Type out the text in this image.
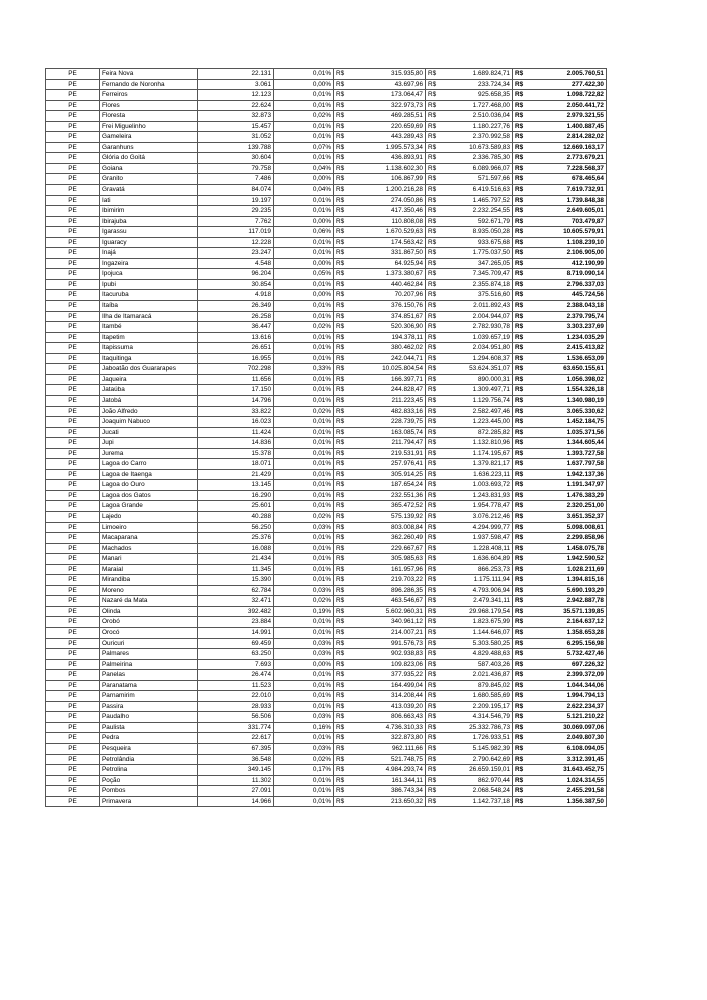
PE	Feira Nova	22.131	0,01%	R$	315.935,80	R$	1.689.824,71	R$	2.005.760,51
PE	Fernando de Noronha	3.061	0,00%	R$	43.697,96	R$	233.724,34	R$	277.422,30
PE	Ferreiros	12.123	0,01%	R$	173.064,47	R$	925.658,35	R$	1.098.722,82
PE	Flores	22.624	0,01%	R$	322.973,73	R$	1.727.468,00	R$	2.050.441,72
PE	Floresta	32.873	0,02%	R$	469.285,51	R$	2.510.036,04	R$	2.979.321,55
PE	Frei Miguelinho	15.457	0,01%	R$	220.659,69	R$	1.180.227,76	R$	1.400.887,45
PE	Gameleira	31.052	0,01%	R$	443.289,43	R$	2.370.992,58	R$	2.814.282,02
PE	Garanhuns	139.788	0,07%	R$	1.995.573,34	R$	10.673.589,83	R$	12.669.163,17
PE	Glória do Goitá	30.604	0,01%	R$	436.893,91	R$	2.336.785,30	R$	2.773.679,21
PE	Goiana	79.758	0,04%	R$	1.138.602,30	R$	6.089.966,07	R$	7.228.568,37
PE	Granito	7.486	0,00%	R$	106.867,99	R$	571.597,66	R$	678.465,64
PE	Gravatá	84.074	0,04%	R$	1.200.216,28	R$	6.419.516,63	R$	7.619.732,91
PE	Iati	19.197	0,01%	R$	274.050,86	R$	1.465.797,52	R$	1.739.848,38
PE	Ibimirim	29.235	0,01%	R$	417.350,46	R$	2.232.254,55	R$	2.649.605,01
PE	Ibirajuba	7.762	0,00%	R$	110.808,08	R$	592.671,79	R$	703.479,87
PE	Igarassu	117.019	0,06%	R$	1.670.529,63	R$	8.935.050,28	R$	10.605.579,91
PE	Iguaracy	12.228	0,01%	R$	174.563,42	R$	933.675,68	R$	1.108.239,10
PE	Inajá	23.247	0,01%	R$	331.867,50	R$	1.775.037,50	R$	2.106.905,00
PE	Ingazeira	4.548	0,00%	R$	64.925,94	R$	347.265,05	R$	412.190,99
PE	Ipojuca	96.204	0,05%	R$	1.373.380,67	R$	7.345.709,47	R$	8.719.090,14
PE	Ipubi	30.854	0,01%	R$	440.462,84	R$	2.355.874,18	R$	2.796.337,03
PE	Itacuruba	4.918	0,00%	R$	70.207,96	R$	375.516,60	R$	445.724,56
PE	Itaíba	26.349	0,01%	R$	376.150,76	R$	2.011.892,43	R$	2.388.043,18
PE	Ilha de Itamaracá	26.258	0,01%	R$	374.851,67	R$	2.004.944,07	R$	2.379.795,74
PE	Itambé	36.447	0,02%	R$	520.306,90	R$	2.782.930,78	R$	3.303.237,69
PE	Itapetim	13.616	0,01%	R$	194.378,11	R$	1.039.657,19	R$	1.234.035,29
PE	Itapissuma	26.651	0,01%	R$	380.462,02	R$	2.034.951,80	R$	2.415.413,82
PE	Itaquitinga	16.955	0,01%	R$	242.044,71	R$	1.294.608,37	R$	1.536.653,09
PE	Jaboatão dos Guararapes	702.298	0,33%	R$	10.025.804,54	R$	53.624.351,07	R$	63.650.155,61
PE	Jaqueira	11.656	0,01%	R$	166.397,71	R$	890.000,31	R$	1.056.398,02
PE	Jataúba	17.150	0,01%	R$	244.828,47	R$	1.309.497,71	R$	1.554.326,18
PE	Jatobá	14.796	0,01%	R$	211.223,45	R$	1.129.756,74	R$	1.340.980,19
PE	João Alfredo	33.822	0,02%	R$	482.833,16	R$	2.582.497,46	R$	3.065.330,62
PE	Joaquim Nabuco	16.023	0,01%	R$	228.739,75	R$	1.223.445,00	R$	1.452.184,75
PE	Jucati	11.424	0,01%	R$	163.085,74	R$	872.285,82	R$	1.035.371,56
PE	Jupi	14.836	0,01%	R$	211.794,47	R$	1.132.810,96	R$	1.344.605,44
PE	Jurema	15.378	0,01%	R$	219.531,91	R$	1.174.195,67	R$	1.393.727,58
PE	Lagoa do Carro	18.071	0,01%	R$	257.976,41	R$	1.379.821,17	R$	1.637.797,58
PE	Lagoa de Itaenga	21.429	0,01%	R$	305.914,25	R$	1.636.223,11	R$	1.942.137,36
PE	Lagoa do Ouro	13.145	0,01%	R$	187.654,24	R$	1.003.693,72	R$	1.191.347,97
PE	Lagoa dos Gatos	16.290	0,01%	R$	232.551,36	R$	1.243.831,93	R$	1.476.383,29
PE	Lagoa Grande	25.601	0,01%	R$	365.472,52	R$	1.954.778,47	R$	2.320.251,00
PE	Lajedo	40.288	0,02%	R$	575.139,92	R$	3.076.212,46	R$	3.651.352,37
PE	Limoeiro	56.250	0,03%	R$	803.008,84	R$	4.294.999,77	R$	5.098.008,61
PE	Macaparana	25.376	0,01%	R$	362.260,49	R$	1.937.598,47	R$	2.299.858,96
PE	Machados	16.088	0,01%	R$	229.667,67	R$	1.228.408,11	R$	1.458.075,78
PE	Manari	21.434	0,01%	R$	305.985,63	R$	1.636.604,89	R$	1.942.590,52
PE	Maraial	11.345	0,01%	R$	161.957,96	R$	866.253,73	R$	1.028.211,69
PE	Mirandiba	15.390	0,01%	R$	219.703,22	R$	1.175.111,94	R$	1.394.815,16
PE	Moreno	62.784	0,03%	R$	896.286,35	R$	4.793.906,94	R$	5.690.193,29
PE	Nazaré da Mata	32.471	0,02%	R$	463.546,67	R$	2.479.341,11	R$	2.942.887,78
PE	Olinda	392.482	0,19%	R$	5.602.960,31	R$	29.968.179,54	R$	35.571.139,85
PE	Orobó	23.884	0,01%	R$	340.961,12	R$	1.823.675,99	R$	2.164.637,12
PE	Orocó	14.991	0,01%	R$	214.007,21	R$	1.144.646,07	R$	1.358.653,28
PE	Ouricuri	69.459	0,03%	R$	991.576,73	R$	5.303.580,25	R$	6.295.156,98
PE	Palmares	63.250	0,03%	R$	902.938,83	R$	4.829.488,63	R$	5.732.427,46
PE	Palmeirina	7.693	0,00%	R$	109.823,06	R$	587.403,26	R$	697.226,32
PE	Panelas	26.474	0,01%	R$	377.935,22	R$	2.021.436,87	R$	2.399.372,09
PE	Paranatama	11.523	0,01%	R$	164.499,04	R$	879.845,02	R$	1.044.344,06
PE	Parnamirim	22.010	0,01%	R$	314.208,44	R$	1.680.585,69	R$	1.994.794,13
PE	Passira	28.933	0,01%	R$	413.039,20	R$	2.209.195,17	R$	2.622.234,37
PE	Paudalho	56.506	0,03%	R$	806.663,43	R$	4.314.546,79	R$	5.121.210,22
PE	Paulista	331.774	0,16%	R$	4.736.310,33	R$	25.332.786,73	R$	30.069.097,06
PE	Pedra	22.617	0,01%	R$	322.873,80	R$	1.726.933,51	R$	2.049.807,30
PE	Pesqueira	67.395	0,03%	R$	962.111,66	R$	5.145.982,39	R$	6.108.094,05
PE	Petrolândia	36.548	0,02%	R$	521.748,75	R$	2.790.642,69	R$	3.312.391,45
PE	Petrolina	349.145	0,17%	R$	4.984.293,74	R$	26.659.159,01	R$	31.643.452,75
PE	Poção	11.302	0,01%	R$	161.344,11	R$	862.970,44	R$	1.024.314,55
PE	Pombos	27.091	0,01%	R$	386.743,34	R$	2.068.548,24	R$	2.455.291,58
PE	Primavera	14.966	0,01%	R$	213.650,32	R$	1.142.737,18	R$	1.356.387,50
